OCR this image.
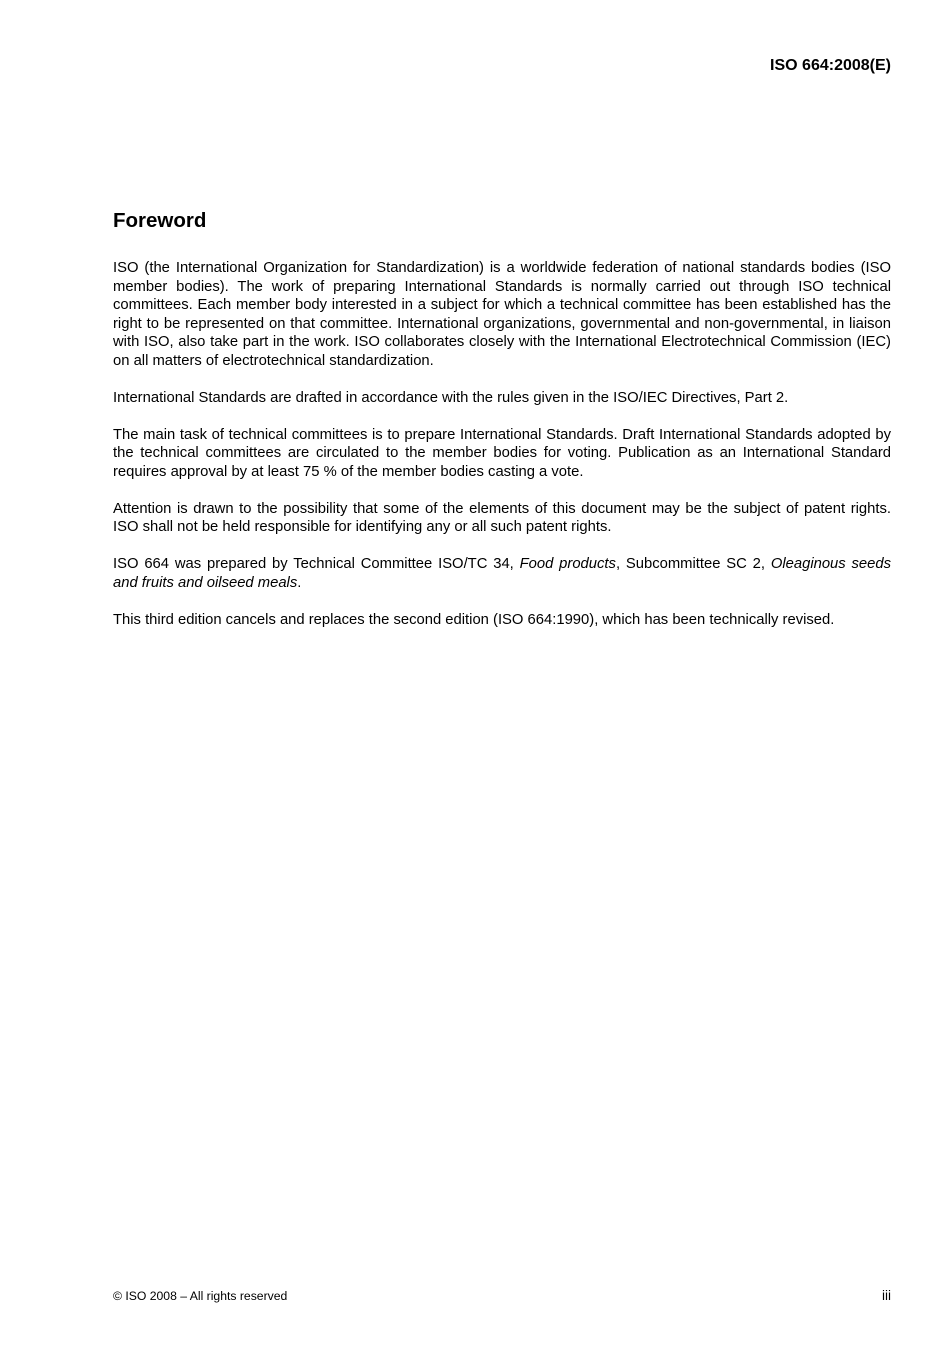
ISO 664:2008(E)
Foreword

ISO (the International Organization for Standardization) is a worldwide federation of national standards bodies (ISO member bodies). The work of preparing International Standards is normally carried out through ISO technical committees. Each member body interested in a subject for which a technical committee has been established has the right to be represented on that committee. International organizations, governmental and non-governmental, in liaison with ISO, also take part in the work. ISO collaborates closely with the International Electrotechnical Commission (IEC) on all matters of electrotechnical standardization.

International Standards are drafted in accordance with the rules given in the ISO/IEC Directives, Part 2.

The main task of technical committees is to prepare International Standards. Draft International Standards adopted by the technical committees are circulated to the member bodies for voting. Publication as an International Standard requires approval by at least 75 % of the member bodies casting a vote.

Attention is drawn to the possibility that some of the elements of this document may be the subject of patent rights. ISO shall not be held responsible for identifying any or all such patent rights.

ISO 664 was prepared by Technical Committee ISO/TC 34, Food products, Subcommittee SC 2, Oleaginous seeds and fruits and oilseed meals.

This third edition cancels and replaces the second edition (ISO 664:1990), which has been technically revised.

© ISO 2008 – All rights reserved	iii
